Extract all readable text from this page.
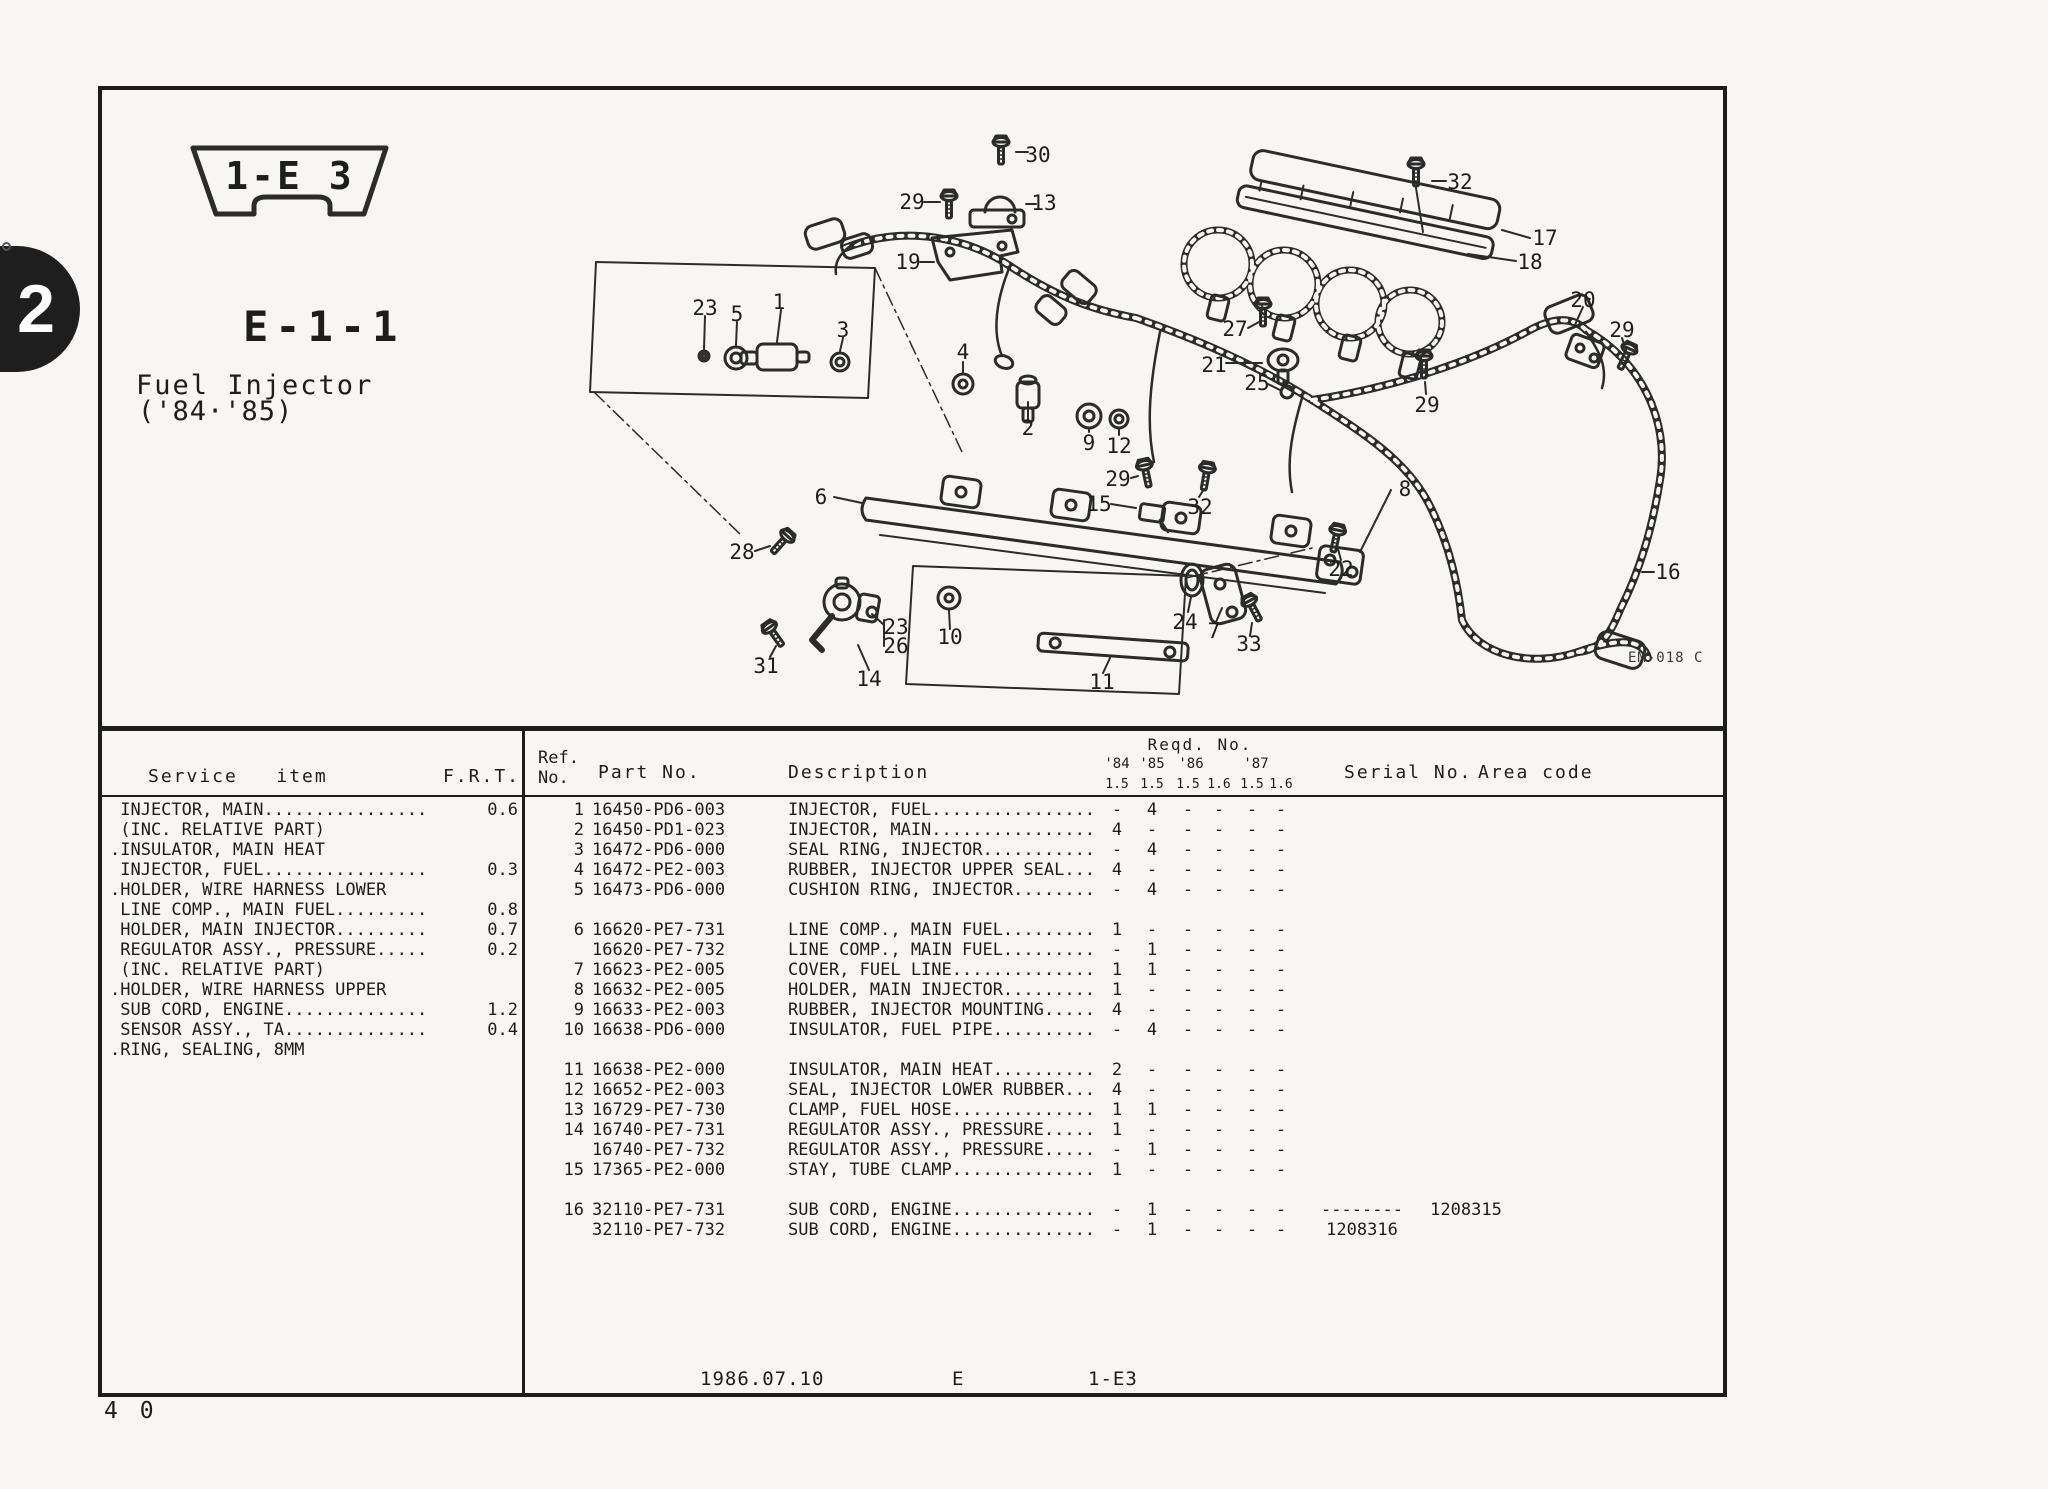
2
1-E 3
E-1-1
Fuel Injector
('84·'85)
EM-018 C
Service   item	F.R.T.
Ref.
No. Part No.	Description
Reqd. No.
'84 '85 '86	'87
1.5 1.5 1.5 1.6 1.5 1.6
Serial No. Area code
INJECTOR, MAIN................	0.6
(INC. RELATIVE PART)
.INSULATOR, MAIN HEAT
INJECTOR, FUEL................	0.3
.HOLDER, WIRE HARNESS LOWER
LINE COMP., MAIN FUEL.........	0.8
HOLDER, MAIN INJECTOR.........	0.7
REGULATOR ASSY., PRESSURE.....	0.2
(INC. RELATIVE PART)
.HOLDER, WIRE HARNESS UPPER
SUB CORD, ENGINE..............	1.2
SENSOR ASSY., TA..............	0.4
.RING, SEALING, 8MM
1 16450-PD6-003	INJECTOR, FUEL................ - 4 - - - -
2 16450-PD1-023	INJECTOR, MAIN................ 4 - - - - -
3 16472-PD6-000	SEAL RING, INJECTOR........... - 4 - - - -
4 16472-PE2-003	RUBBER, INJECTOR UPPER SEAL... 4 - - - - -
5 16473-PD6-000	CUSHION RING, INJECTOR........ - 4 - - - -
6 16620-PE7-731	LINE COMP., MAIN FUEL......... 1 - - - - -
16620-PE7-732	LINE COMP., MAIN FUEL......... - 1 - - - -
7 16623-PE2-005	COVER, FUEL LINE.............. 1 1 - - - -
8 16632-PE2-005	HOLDER, MAIN INJECTOR......... 1 - - - - -
9 16633-PE2-003	RUBBER, INJECTOR MOUNTING..... 4 - - - - -
10 16638-PD6-000	INSULATOR, FUEL PIPE.......... - 4 - - - -
11 16638-PE2-000	INSULATOR, MAIN HEAT.......... 2 - - - - -
12 16652-PE2-003	SEAL, INJECTOR LOWER RUBBER... 4 - - - - -
13 16729-PE7-730	CLAMP, FUEL HOSE.............. 1 1 - - - -
14 16740-PE7-731	REGULATOR ASSY., PRESSURE..... 1 - - - - -
16740-PE7-732	REGULATOR ASSY., PRESSURE..... - 1 - - - -
15 17365-PE2-000	STAY, TUBE CLAMP.............. 1 - - - - -
16 32110-PE7-731	SUB CORD, ENGINE.............. - 1 - - - - -------- 1208315
32110-PE7-732	SUB CORD, ENGINE.............. - 1 - - - - 1208316
1
2
3
4
5
6
7
8
9
10
11
12
13
14
15
16
17
18
19
20
21
22
23
23	24
25
26
27
28
29
29
29
29
30
31
32
32
33
1986.07.10	E	1-E3
4 0
